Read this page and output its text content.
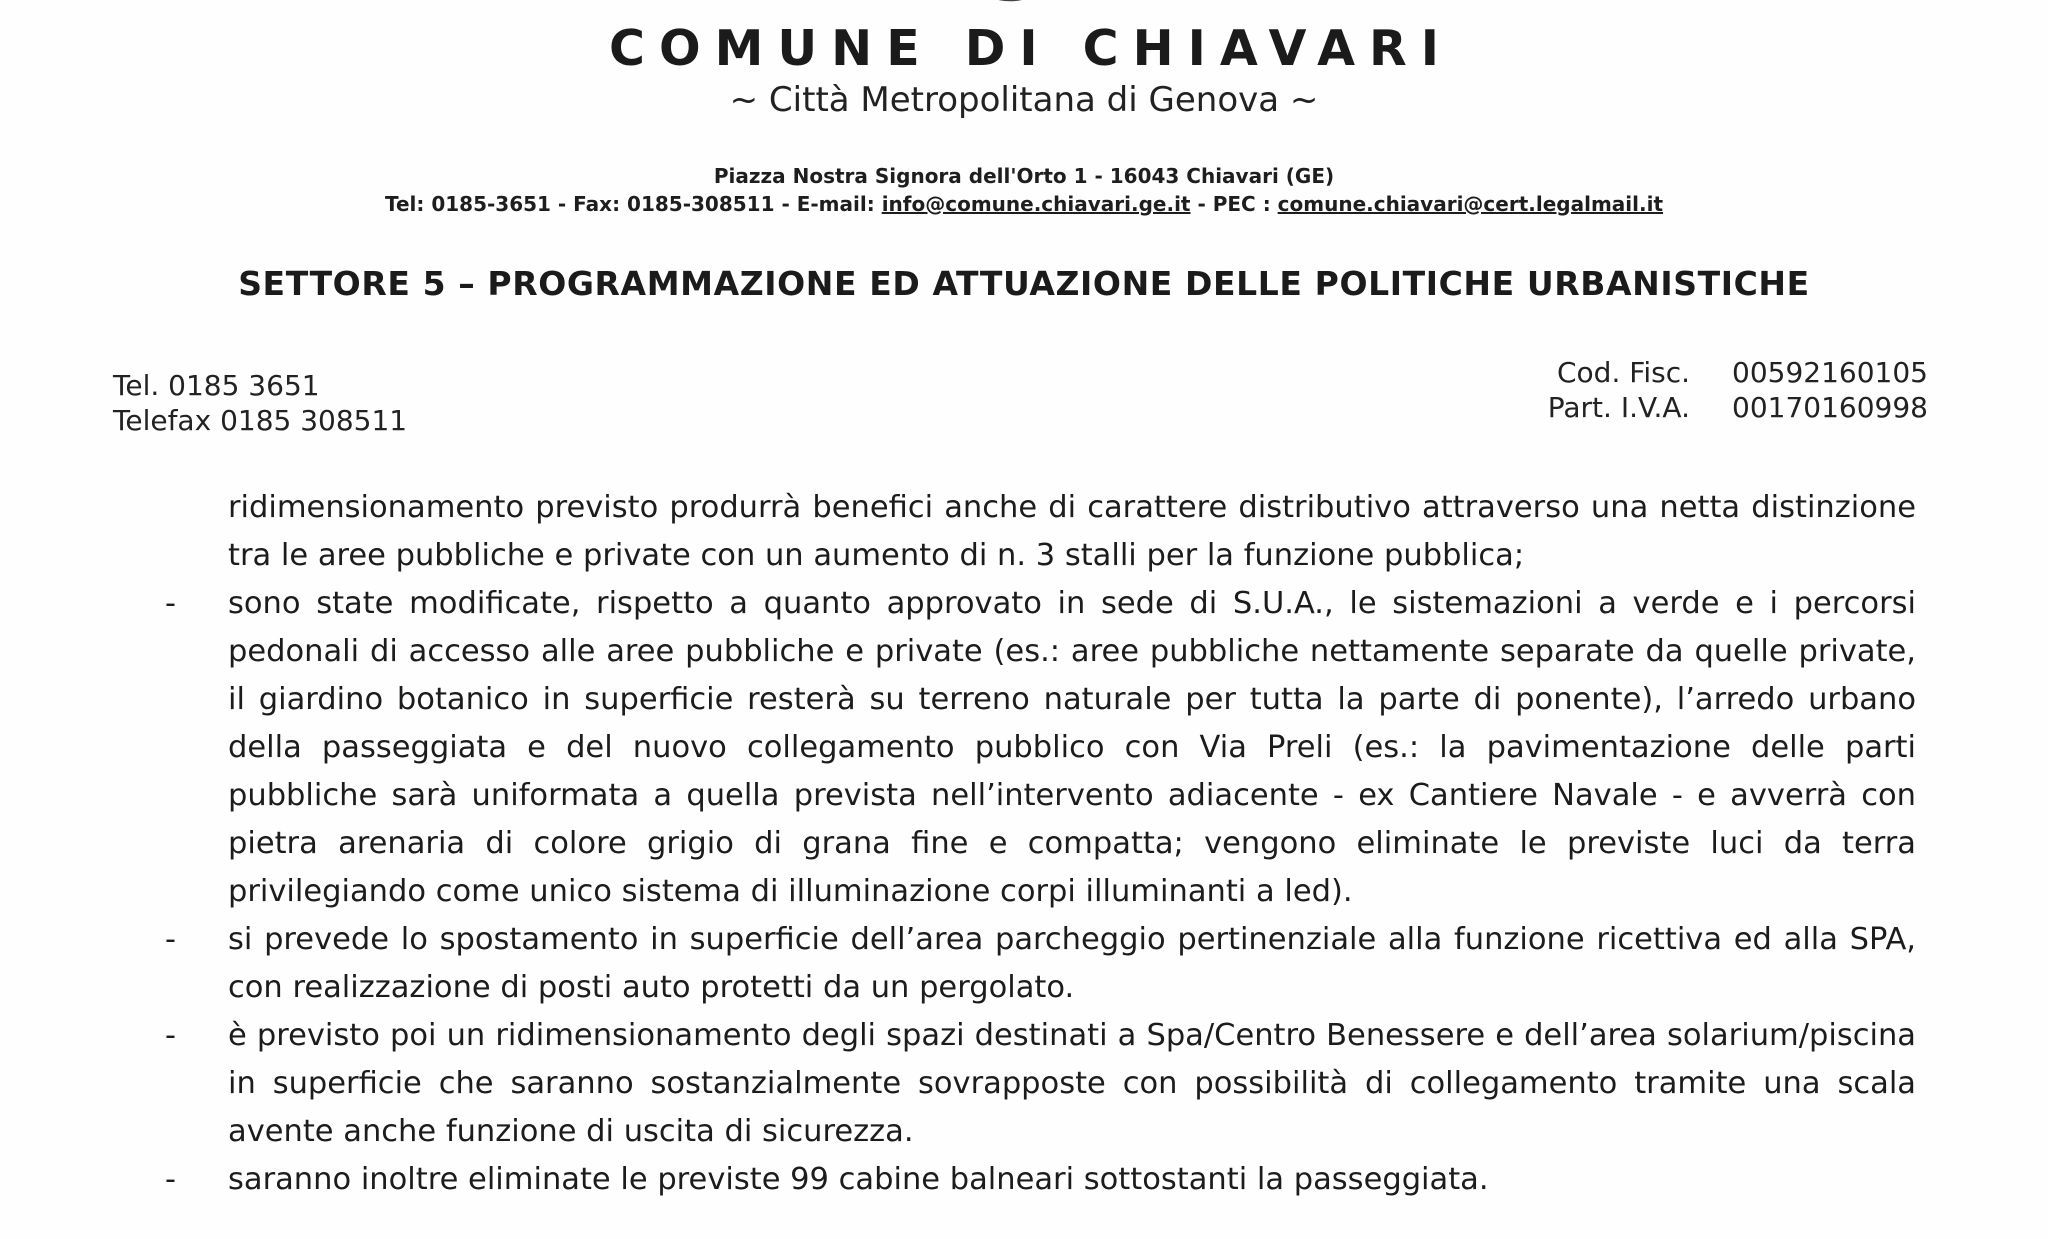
COMUNE DI CHIAVARI
~ Città Metropolitana di Genova ~
Piazza Nostra Signora dell'Orto 1 - 16043 Chiavari (GE)
Tel: 0185-3651 - Fax: 0185-308511 - E-mail: info@comune.chiavari.ge.it - PEC : comune.chiavari@cert.legalmail.it
SETTORE 5 – PROGRAMMAZIONE ED ATTUAZIONE DELLE POLITICHE URBANISTICHE
Tel. 0185 3651
Telefax 0185 308511
Cod. Fisc.	00592160105
Part. I.V.A.	00170160998

ridimensionamento previsto produrrà benefici anche di carattere distributivo attraverso una netta distinzione tra le aree pubbliche e private con un aumento di n. 3 stalli per la funzione pubblica;

- sono state modificate, rispetto a quanto approvato in sede di S.U.A., le sistemazioni a verde e i percorsi pedonali di accesso alle aree pubbliche e private (es.: aree pubbliche nettamente separate da quelle private, il giardino botanico in superficie resterà su terreno naturale per tutta la parte di ponente), l’arredo urbano della passeggiata e del nuovo collegamento pubblico con Via Preli (es.: la pavimentazione delle parti pubbliche sarà uniformata a quella prevista nell’intervento adiacente - ex Cantiere Navale - e avverrà con pietra arenaria di colore grigio di grana fine e compatta; vengono eliminate le previste luci da terra privilegiando come unico sistema di illuminazione corpi illuminanti a led).

- si prevede lo spostamento in superficie dell’area parcheggio pertinenziale alla funzione ricettiva ed alla SPA, con realizzazione di posti auto protetti da un pergolato.

- è previsto poi un ridimensionamento degli spazi destinati a Spa/Centro Benessere e dell’area solarium/piscina in superficie che saranno sostanzialmente sovrapposte con possibilità di collegamento tramite una scala avente anche funzione di uscita di sicurezza.

- saranno inoltre eliminate le previste 99 cabine balneari sottostanti la passeggiata.
